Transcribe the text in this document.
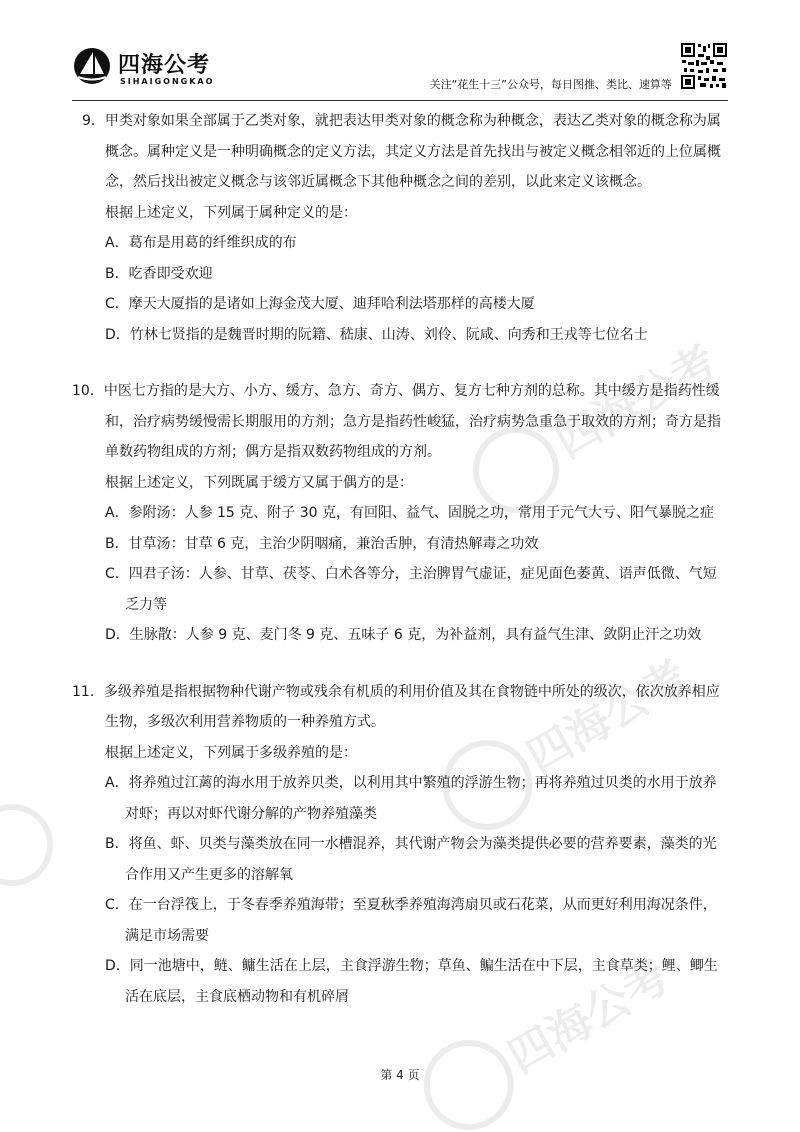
四海公考
四海公考
四海公考
四海公考
SIHAIGONGKAO	关注“花生十三”公众号，每日图推、类比、速算等
9．甲类对象如果全部属于乙类对象，就把表达甲类对象的概念称为种概念，表达乙类对象的概念称为属
概念。属种定义是一种明确概念的定义方法，其定义方法是首先找出与被定义概念相邻近的上位属概
念，然后找出被定义概念与该邻近属概念下其他种概念之间的差别，以此来定义该概念。
根据上述定义，下列属于属种定义的是：
A．葛布是用葛的纤维织成的布
B．吃香即受欢迎
C．摩天大厦指的是诸如上海金茂大厦、迪拜哈利法塔那样的高楼大厦
D．竹林七贤指的是魏晋时期的阮籍、嵇康、山涛、刘伶、阮咸、向秀和王戎等七位名士
10．中医七方指的是大方、小方、缓方、急方、奇方、偶方、复方七种方剂的总称。其中缓方是指药性缓
和，治疗病势缓慢需长期服用的方剂；急方是指药性峻猛，治疗病势急重急于取效的方剂；奇方是指
单数药物组成的方剂；偶方是指双数药物组成的方剂。
根据上述定义，下列既属于缓方又属于偶方的是：
A．参附汤：人参 15 克、附子 30 克，有回阳、益气、固脱之功，常用于元气大亏、阳气暴脱之症
B．甘草汤：甘草 6 克，主治少阴咽痛，兼治舌肿，有清热解毒之功效
C．四君子汤：人参、甘草、茯苓、白术各等分，主治脾胃气虚证，症见面色萎黄、语声低微、气短
乏力等
D．生脉散：人参 9 克、麦门冬 9 克、五味子 6 克，为补益剂，具有益气生津、敛阴止汗之功效
11．多级养殖是指根据物种代谢产物或残余有机质的利用价值及其在食物链中所处的级次，依次放养相应
生物，多级次利用营养物质的一种养殖方式。
根据上述定义，下列属于多级养殖的是：
A．将养殖过江蓠的海水用于放养贝类，以利用其中繁殖的浮游生物；再将养殖过贝类的水用于放养
对虾；再以对虾代谢分解的产物养殖藻类
B．将鱼、虾、贝类与藻类放在同一水槽混养，其代谢产物会为藻类提供必要的营养要素，藻类的光
合作用又产生更多的溶解氧
C．在一台浮筏上，于冬春季养殖海带；至夏秋季养殖海湾扇贝或石花菜，从而更好利用海况条件，
满足市场需要
D．同一池塘中，鲢、鳙生活在上层，主食浮游生物；草鱼、鳊生活在中下层，主食草类；鲤、鲫生
活在底层，主食底栖动物和有机碎屑
第 4 页
